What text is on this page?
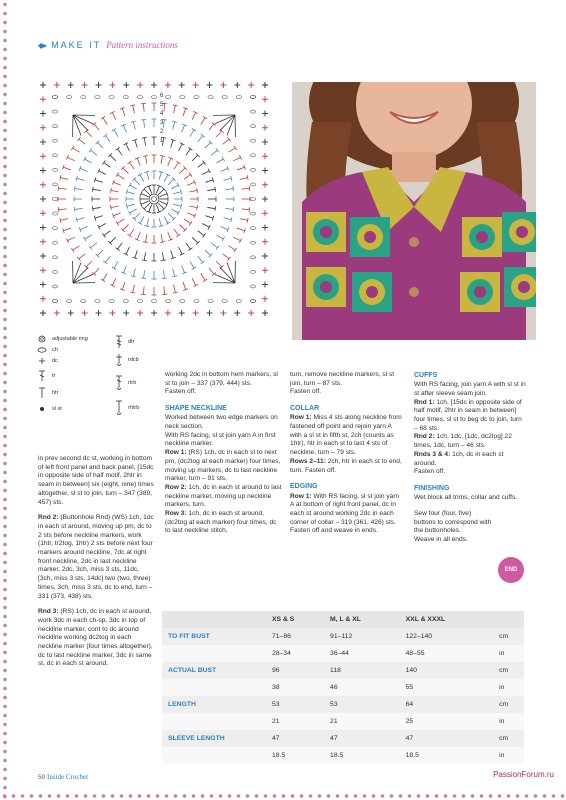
◆▸ MAKE IT Pattern instructions
6
5
4
3
2
1
adjustable ring
ch
dc
tr
htr
sl st
dtr
rdcb
rtrb
rhtrb

in prev second dc st, working in bottom of left front panel and back panel, [15dc in opposite side of half motif, 2htr in seam in between] six (eight, nine) times altogether, sl st to join, turn – 347 (389, 457) sts.

Rnd 2: (Buttonhole Rnd) (WS) 1ch, 1dc in each st around, moving up pm, dc to 2 sts before neckline markers, work (1htr, tr2tog, 1htr) 2 sts before next four markers around neckline, 7dc at right front neckline, 2dc in last neckline marker, 2dc, 3ch, miss 3 sts, 11dc, [3ch, miss 3 sts, 14dc] two (two, three) times, 3ch, miss 3 sts, dc to end, turn – 331 (373, 438) sts.

Rnd 3: (RS) 1ch, dc in each st around, work 3dc in each ch-sp, 3dc in top of neckline marker, cont to dc around neckline working dc2tog in each neckline marker (four times altogether), dc to last neckline marker, 3dc in same st, dc in each st around,

working 2dc in bottom hem markers, sl st to join – 337 (379, 444) sts.

Fasten off.

SHAPE NECKLINE

Worked between two edge markers on neck section.

With RS facing, sl st join yarn A in first neckline marker.

Row 1: (RS) 1ch, dc in each st to next pm, (dc2tog at each marker) four times, moving up markers, dc to last neckline marker, turn – 91 sts.

Row 2: 1ch, dc in each st around to last neckline marker, moving up neckline markers, turn.

Row 3: 1ch, dc in each st around, (dc2tog at each marker) four times, dc to last neckline stitch,

turn, remove neckline markers, sl st join, turn – 87 sts.

Fasten off.

COLLAR

Row 1: Miss 4 sts along neckline from fastened off point and rejoin yarn A with a sl st in fifth st, 2ch (counts as 1htr), htr in each st to last 4 sts of neckline, turn – 79 sts.

Rows 2–11: 2ch, htr in each st to end, turn. Fasten off.

EDGING

Row 1: With RS facing, sl st join yarn A at bottom of right front panel, dc in each st around working 2dc in each corner of collar – 319 (361, 426) sts.

Fasten off and weave in ends.

CUFFS

With RS facing, join yarn A with sl st in st after sleeve seam join.

Rnd 1: 1ch, [15dc in opposite side of half motif, 2htr in seam in between] four times, sl st to beg dc to join, turn – 68 sts.

Rnd 2: 1ch, 1dc, [1dc, dc2tog] 22 times, 1dc, turn – 46 sts.

Rnds 3 & 4: 1ch, dc in each st around.

Fasten off.

FINISHING

Wet block all trims, collar and cuffs.

Sew four (four, five) buttons to correspond with the buttonholes.

Weave in all ends.

END
	XS & S	M, L & XL	XXL & XXXL	
TO FIT BUST	71–86	91–112	122–140	cm
	28–34	36–44	48–55	in
ACTUAL BUST	96	118	140	cm
	38	46	55	in
LENGTH	53	53	64	cm
	21	21	25	in
SLEEVE LENGTH	47	47	47	cm
	18.5	18.5	18.5	in
50 Inside Crochet	PassionForum.ru
